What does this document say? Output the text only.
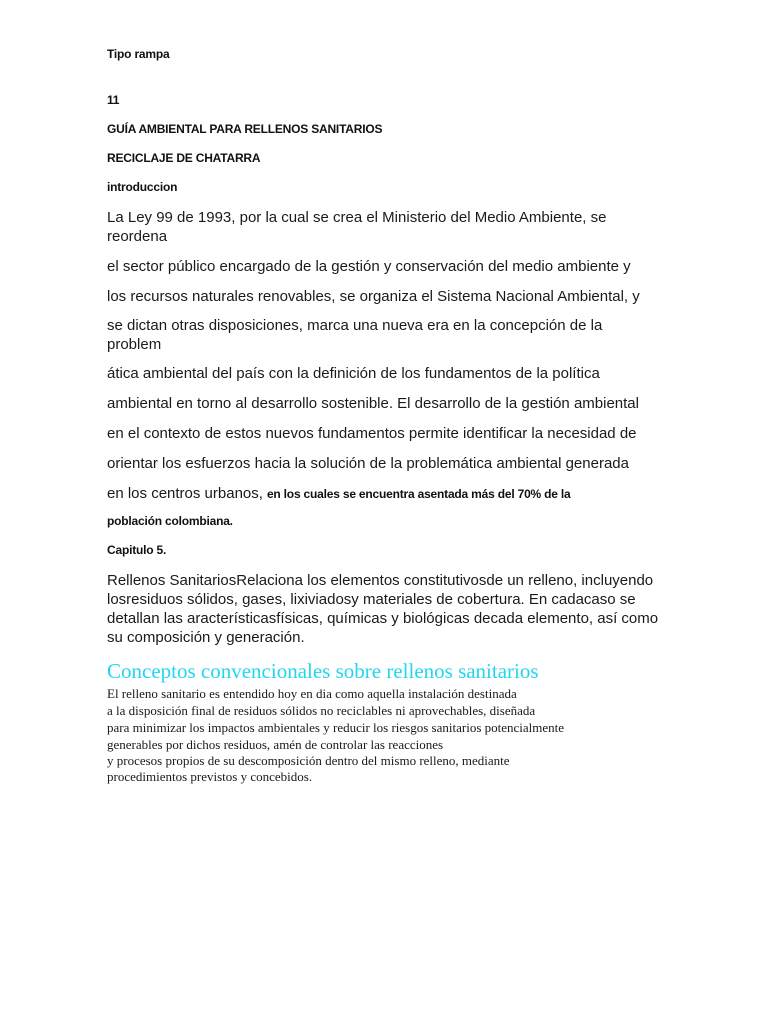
Tipo rampa
11
GUÍA AMBIENTAL PARA RELLENOS SANITARIOS
RECICLAJE DE CHATARRA
introduccion
La Ley 99 de 1993, por la cual se crea el Ministerio del Medio Ambiente, se
reordena
el sector público encargado de la gestión y conservación del medio ambiente y
los recursos naturales renovables, se organiza el Sistema Nacional Ambiental, y
se dictan otras disposiciones, marca una nueva era en la concepción de la
problem
ática ambiental del país con la definición de los fundamentos de la política
ambiental en torno al desarrollo sostenible. El desarrollo de la gestión ambiental
en el contexto de estos nuevos fundamentos permite identificar la necesidad de
orientar los esfuerzos hacia la solución de la problemática ambiental generada
en los centros urbanos, en los cuales se encuentra asentada más del 70% de la
población colombiana.
Capitulo 5.
Rellenos SanitariosRelaciona los elementos constitutivosde un relleno, incluyendo
losresiduos sólidos, gases, lixiviadosy materiales de cobertura. En cadacaso se
detallan las aracterísticasfísicas, químicas y biológicas decada elemento, así como
su composición y generación.
Conceptos convencionales sobre rellenos sanitarios
El relleno sanitario es entendido hoy en dia como aquella instalación destinada
a la disposición final de residuos sólidos no reciclables ni aprovechables, diseñada
para minimizar los impactos ambientales y reducir los riesgos sanitarios potencialmente
generables por dichos residuos, amén de controlar las reacciones
y procesos propios de su descomposición dentro del mismo relleno, mediante
procedimientos previstos y concebidos.
